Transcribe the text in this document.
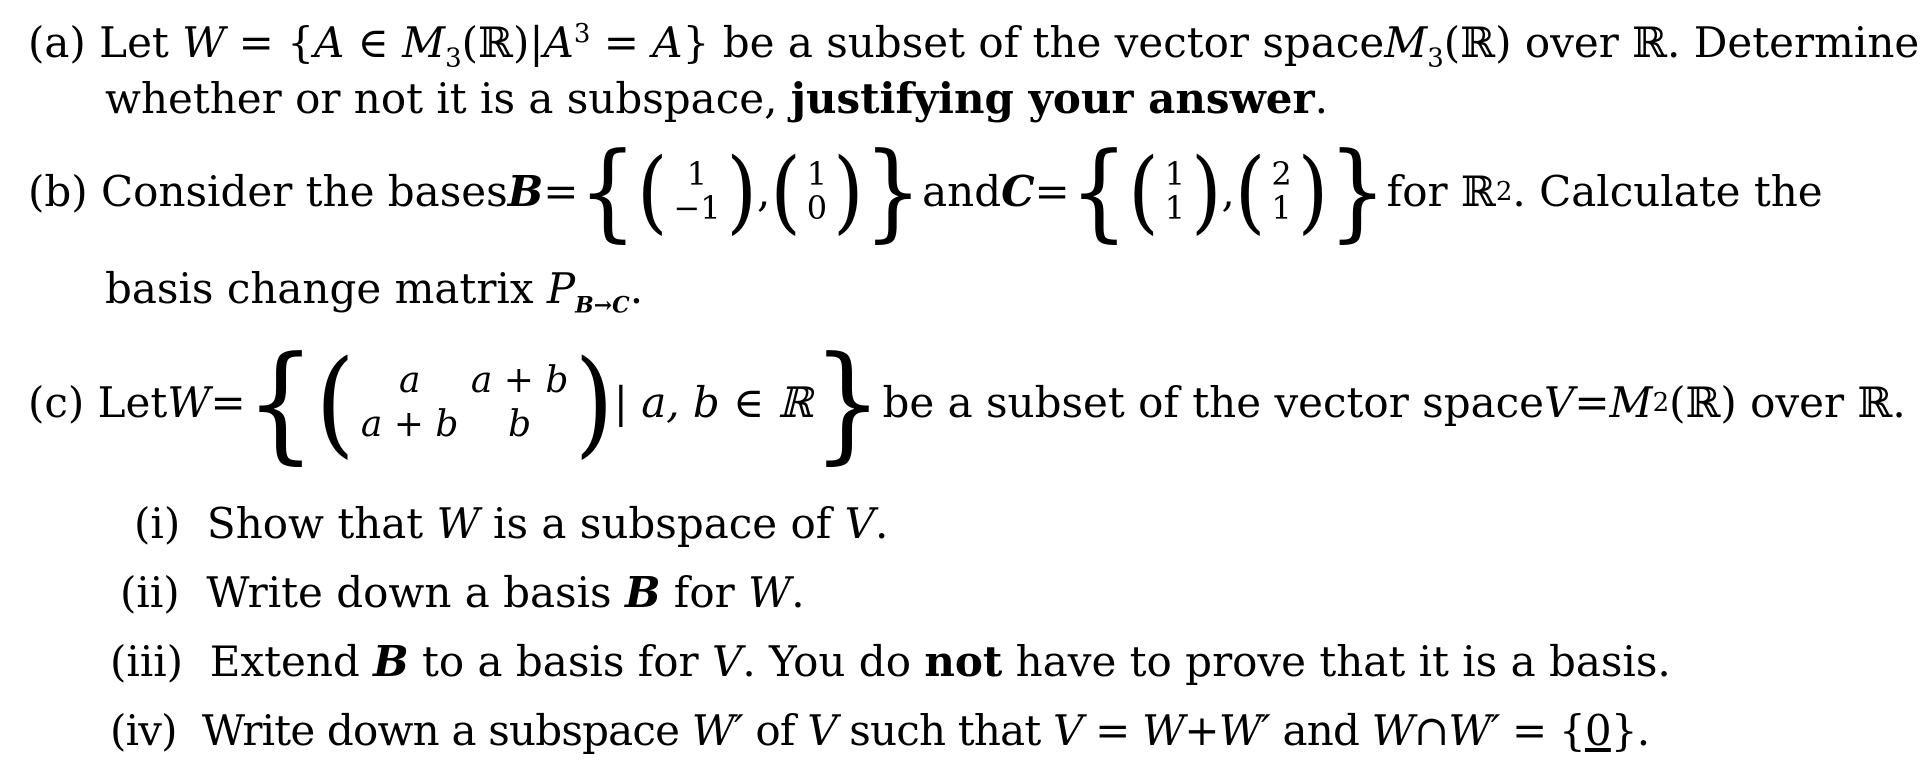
(a) Let W = {A ∈ $M_3(ℝ)|A^3 = A$} be a subset of the vector spaceM$_3$(ℝ) over ℝ. Determine
whether or not it is a subspace, justifying your answer.
(b)
Consider the bases B = { ( 1
−1 ) , ( 1
0 ) } and C = { ( 1
1 ) , ( 2
1 ) } for ℝ 2 . Calculate the
basis change matrix $P_{B\to C}$.
(c)
Let W = { (	a	a + b
a + b	b ) | a, b ∈ ℝ } be a subset of the vector space V = M 2 (ℝ) over ℝ.
(i) Show that W is a subspace of V.
(ii) Write down a basis B for W.
(iii) Extend B to a basis for V. You do not have to prove that it is a basis.
(iv) Write down a subspace W′ of V such that V = W+W′ and W∩W′ = {0}.
